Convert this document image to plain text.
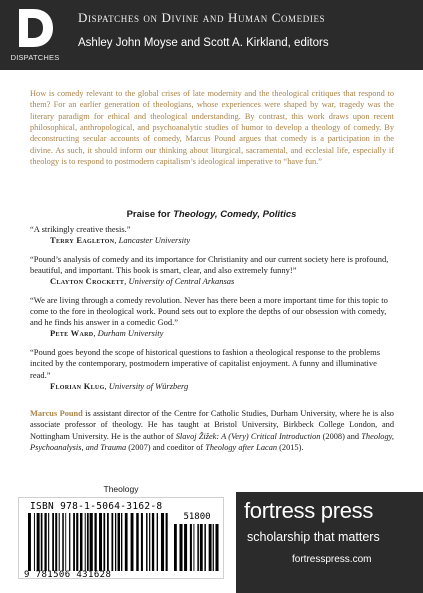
DISPATCHES
Dispatches on Divine and Human Comedies
Ashley John Moyse and Scott A. Kirkland, editors

How is comedy relevant to the global crises of late modernity and the theological critiques that respond to them? For an earlier generation of theologians, whose experiences were shaped by war, tragedy was the literary paradigm for ethical and theological understanding. By contrast, this work draws upon recent philosophical, anthropological, and psychoanalytic studies of humor to develop a theology of comedy. By deconstructing secular accounts of comedy, Marcus Pound argues that comedy is a participation in the divine. As such, it should inform our thinking about liturgical, sacramental, and ecclesial life, especially if theology is to respond to postmodern capitalism’s ideological imperative to “have fun.”

Praise for Theology, Comedy, Politics
“A strikingly creative thesis.”
Terry Eagleton, Lancaster University
“Pound’s analysis of comedy and its importance for Christianity and our current society here is profound, beautiful, and important. This book is smart, clear, and also extremely funny!”
Clayton Crockett, University of Central Arkansas
“We are living through a comedy revolution. Never has there been a more important time for this topic to come to the fore in theological work. Pound sets out to explore the depths of our obsession with comedy, and he finds his answer in a comedic God.”
Pete Ward, Durham University
“Pound goes beyond the scope of historical questions to fashion a theological response to the problems incited by the contemporary, postmodern imperative of capitalist enjoyment. A funny and illuminative read.”
Florian Klug, University of Würzberg

Marcus Pound is assistant director of the Centre for Catholic Studies, Durham University, where he is also associate professor of theology. He has taught at Bristol University, Birkbeck College London, and Nottingham University. He is the author of Slavoj Žižek: A (Very) Critical Introduction (2008) and Theology, Psychoanalysis, and Trauma (2007) and coeditor of Theology after Lacan (2015).

Theology
ISBN 978-1-5064-3162-8
51800
9 781506 431628
fortress press
scholarship that matters
fortresspress.com
